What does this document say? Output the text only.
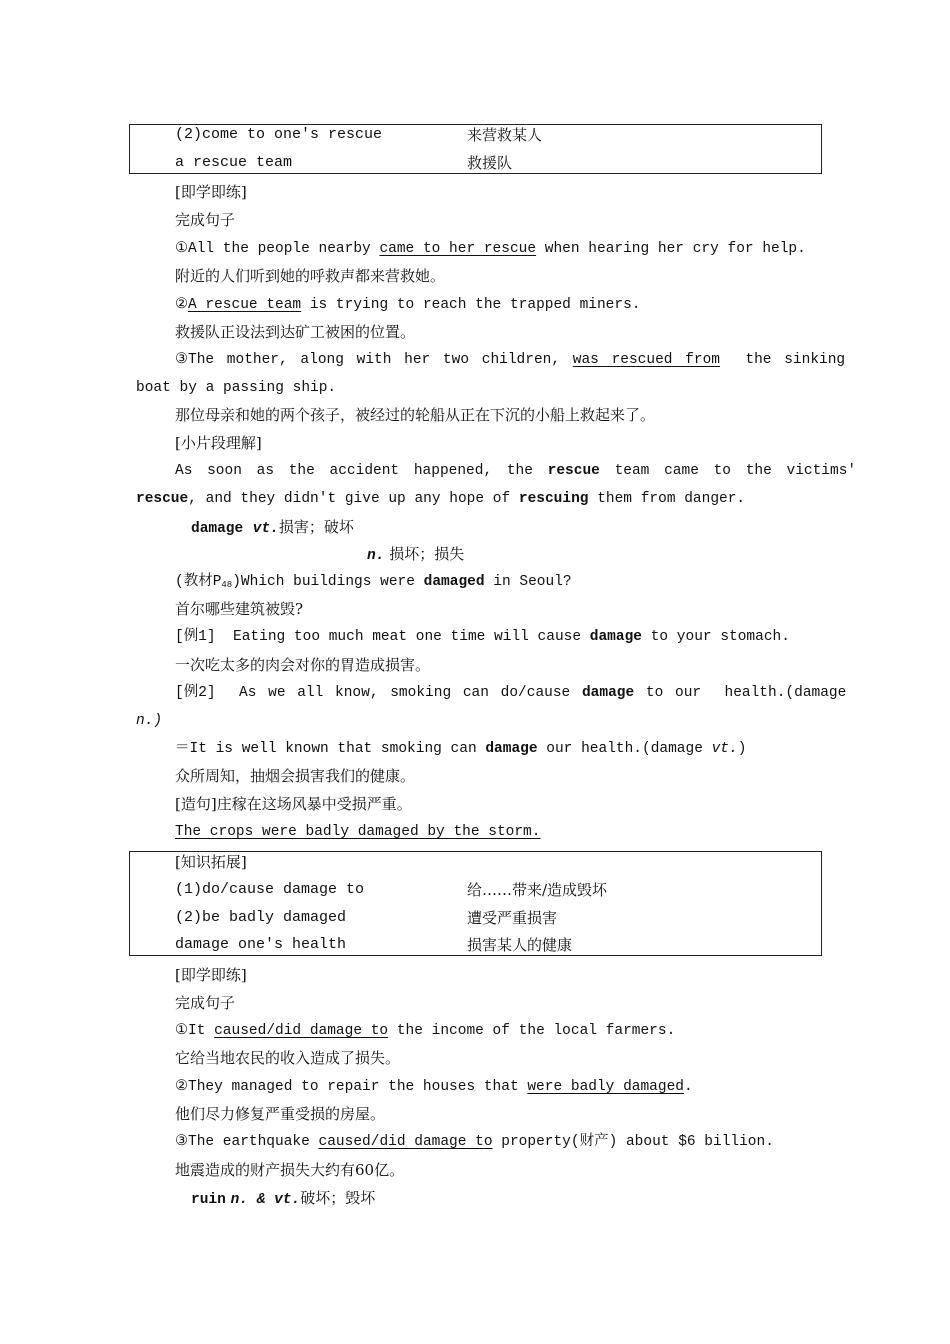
(2)come to one's rescue	来营救某人
a rescue team	救援队
[即学即练]
完成句子
①All the people nearby came to her rescue when hearing her cry for help.
附近的人们听到她的呼救声都来营救她。
②A rescue team is trying to reach the trapped miners.
救援队正设法到达矿工被困的位置。
③The mother, along with her two children, was rescued from  the sinking
boat by a passing ship.
那位母亲和她的两个孩子，被经过的轮船从正在下沉的小船上救起来了。
[小片段理解]
As soon as the accident happened, the rescue team came to the victims'
rescue, and they didn't give up any hope of rescuing them from danger.
damage vt.损害；破坏
n. 损坏；损失
(教材$P_{48})Which$ buildings were damaged in Seoul?
首尔哪些建筑被毁?
[例1]  Eating too much meat one time will cause damage to your stomach.
一次吃太多的肉会对你的胃造成损害。
[例2]  As we all know, smoking can do/cause damage to our  health.(damage
n.)
＝It is well known that smoking can damage our health.(damage vt.)
众所周知，抽烟会损害我们的健康。
[造句]庄稼在这场风暴中受损严重。
The crops were badly damaged by the storm.
[知识拓展]
(1)do/cause damage to	给……带来/造成毁坏
(2)be badly damaged	遭受严重损害
damage one's health	损害某人的健康
[即学即练]
完成句子
①It caused/did damage to the income of the local farmers.
它给当地农民的收入造成了损失。
②They managed to repair the houses that were badly damaged.
他们尽力修复严重受损的房屋。
③The earthquake caused/did damage to property(财产) about $6 billion.
地震造成的财产损失大约有60亿。
ruin n. & vt.破坏；毁坏
